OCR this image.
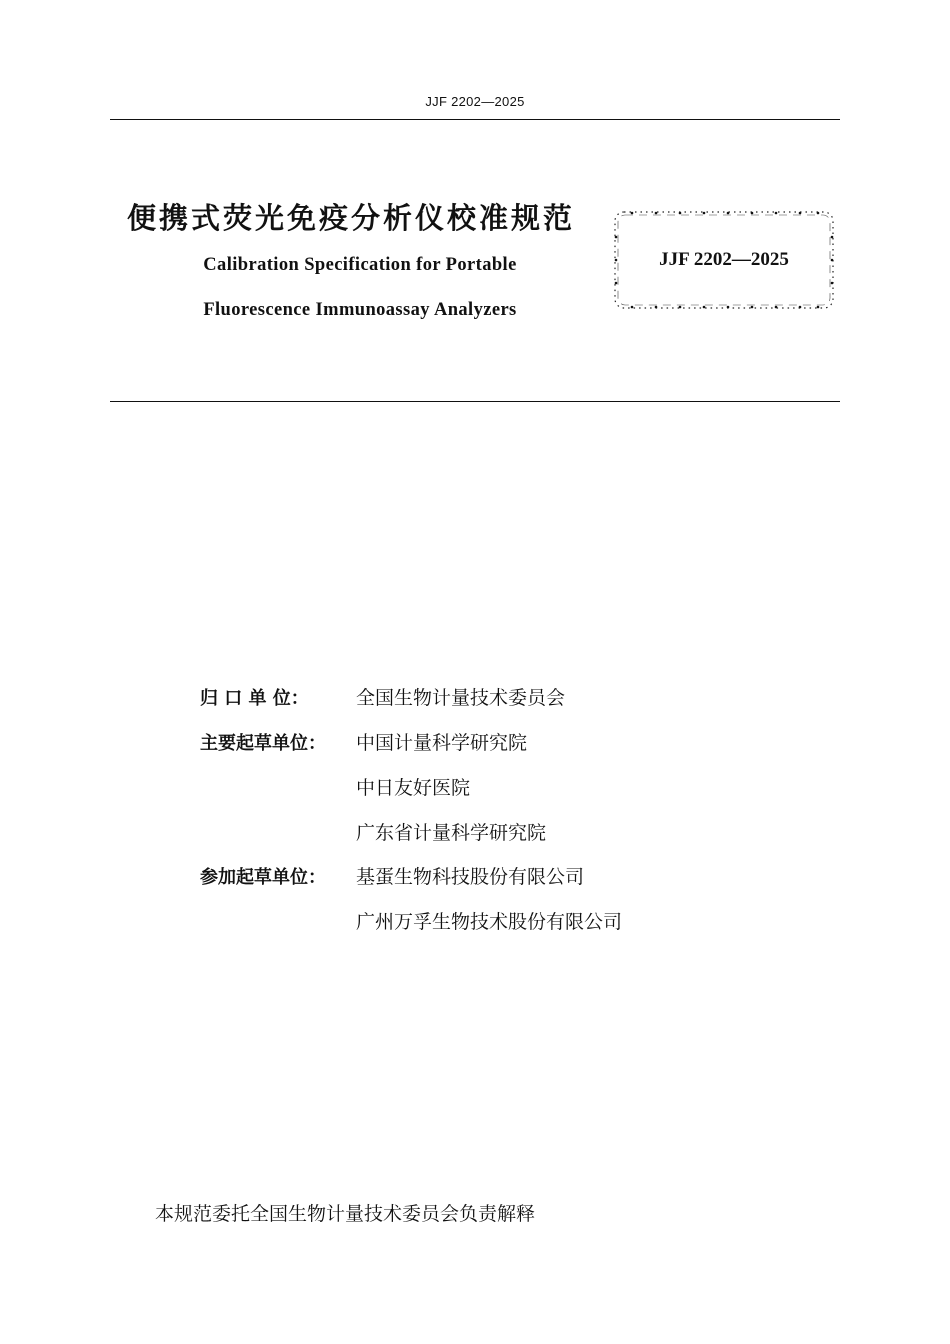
JJF 2202—2025
便携式荧光免疫分析仪校准规范
Calibration Specification for Portable
Fluorescence Immunoassay Analyzers
JJF 2202—2025
归 口 单 位： 全国生物计量技术委员会
主要起草单位： 中国计量科学研究院
中日友好医院
广东省计量科学研究院
参加起草单位： 基蛋生物科技股份有限公司
广州万孚生物技术股份有限公司
本规范委托全国生物计量技术委员会负责解释
